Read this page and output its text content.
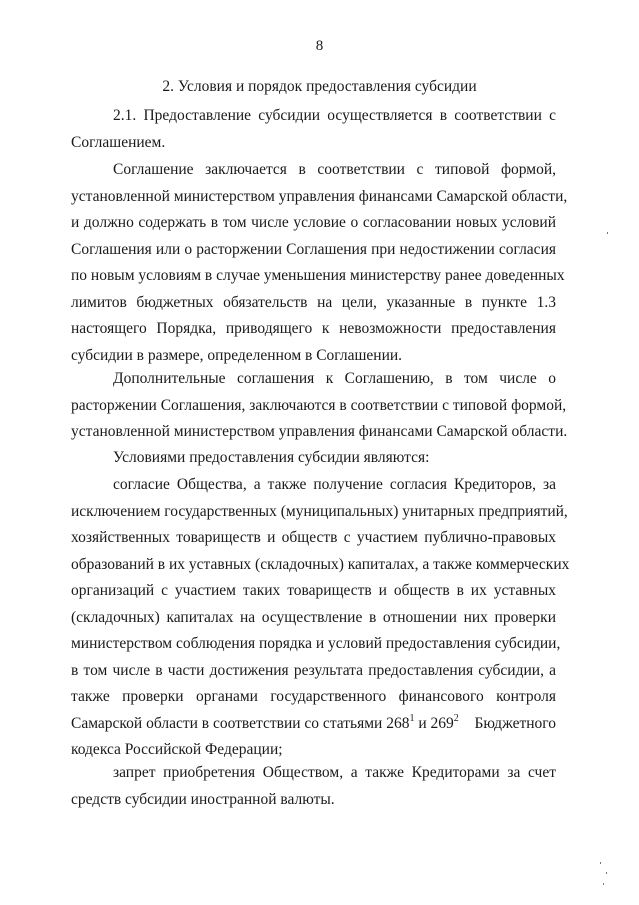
8
2. Условия и порядок предоставления субсидии
2.1. Предоставление субсидии осуществляется в соответствии с
Соглашением.
Соглашение заключается в соответствии с типовой формой,
установленной министерством управления финансами Самарской области,
и должно содержать в том числе условие о согласовании новых условий
Соглашения или о расторжении Соглашения при недостижении согласия
по новым условиям в случае уменьшения министерству ранее доведенных
лимитов бюджетных обязательств на цели, указанные в пункте 1.3
настоящего Порядка, приводящего к невозможности предоставления
субсидии в размере, определенном в Соглашении.
Дополнительные соглашения к Соглашению, в том числе о
расторжении Соглашения, заключаются в соответствии с типовой формой,
установленной министерством управления финансами Самарской области.
Условиями предоставления субсидии являются:
согласие Общества, а также получение согласия Кредиторов, за
исключением государственных (муниципальных) унитарных предприятий,
хозяйственных товариществ и обществ с участием публично-правовых
образований в их уставных (складочных) капиталах, а также коммерческих
организаций с участием таких товариществ и обществ в их уставных
(складочных) капиталах на осуществление в отношении них проверки
министерством соблюдения порядка и условий предоставления субсидии,
в том числе в части достижения результата предоставления субсидии, а
также проверки органами государственного финансового контроля
Самарской области в соответствии со статьями $268^1$ и $269^2$ Бюджетного
кодекса Российской Федерации;
запрет приобретения Обществом, а также Кредиторами за счет
средств субсидии иностранной валюты.
